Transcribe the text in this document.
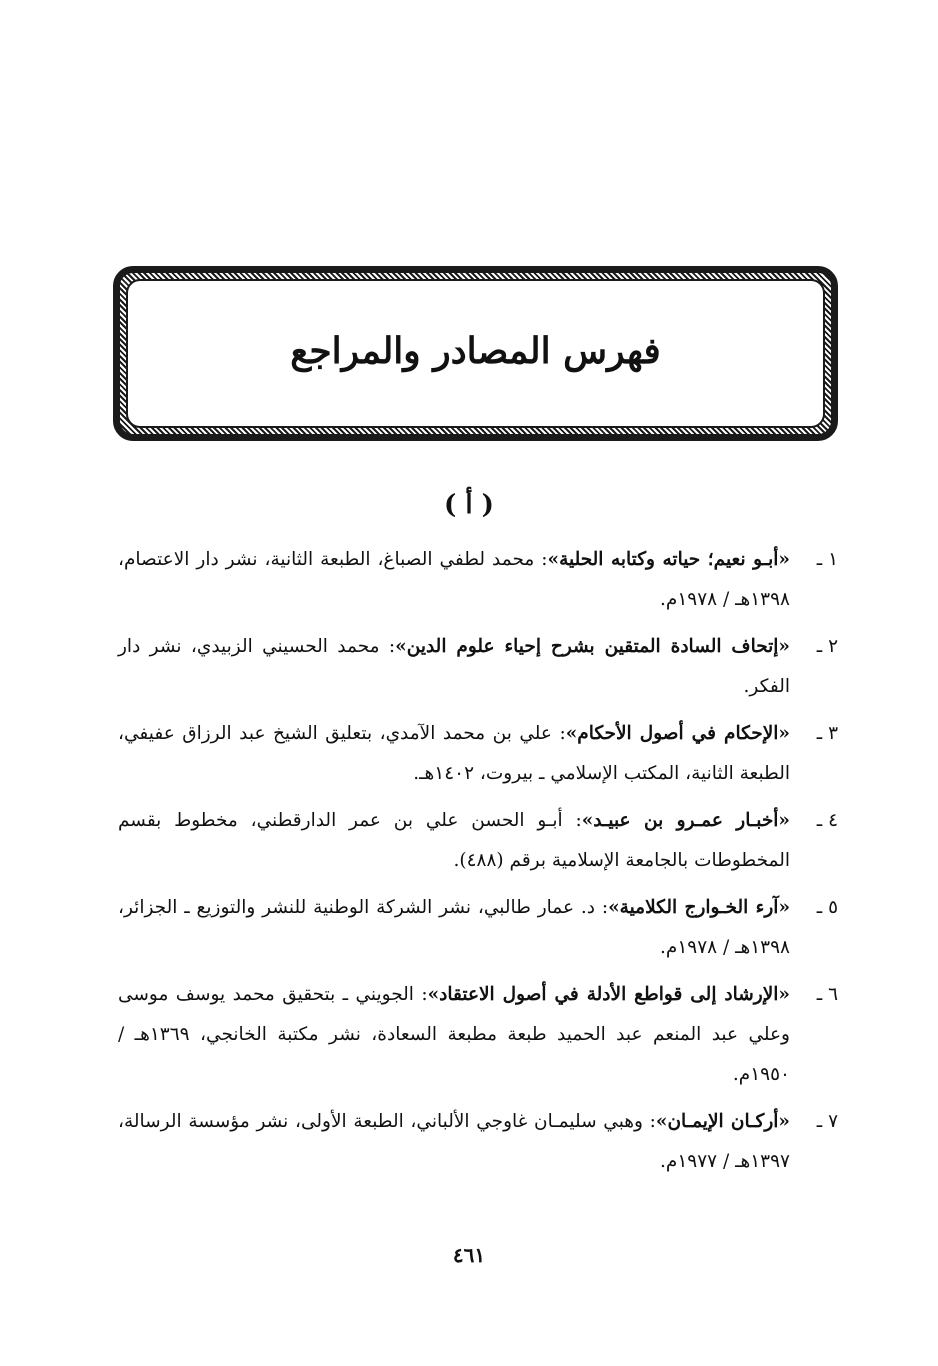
فهرس المصادر والمراجع
( أ )
١ ـ
«أبـو نعيم؛ حياته وكتابه الحلية»: محمد لطفي الصباغ، الطبعة الثانية، نشر دار الاعتصام، ١٣٩٨هـ / ١٩٧٨م.
٢ ـ
«إتحاف السادة المتقين بشرح إحياء علوم الدين»: محمد الحسيني الزبيدي، نشر دار الفكر.
٣ ـ
«الإحكام في أصول الأحكام»: علي بن محمد الآمدي، بتعليق الشيخ عبد الرزاق عفيفي، الطبعة الثانية، المكتب الإسلامي ـ بيروت، ١٤٠٢هـ.
٤ ـ
«أخبـار عمـرو بن عبيـد»: أبـو الحسن علي بن عمر الدارقطني، مخطوط بقسم المخطوطات بالجامعة الإسلامية برقم (٤٨٨).
٥ ـ
«آرء الخـوارج الكلامية»: د. عمار طالبي، نشر الشركة الوطنية للنشر والتوزيع ـ الجزائر، ١٣٩٨هـ / ١٩٧٨م.
٦ ـ
«الإرشاد إلى قواطع الأدلة في أصول الاعتقاد»: الجويني ـ بتحقيق محمد يوسف موسى وعلي عبد المنعم عبد الحميد طبعة مطبعة السعادة، نشر مكتبة الخانجي، ١٣٦٩هـ / ١٩٥٠م.
٧ ـ
«أركـان الإيمـان»: وهبي سليمـان غاوجي الألباني، الطبعة الأولى، نشر مؤسسة الرسالة، ١٣٩٧هـ / ١٩٧٧م.
٤٦١
